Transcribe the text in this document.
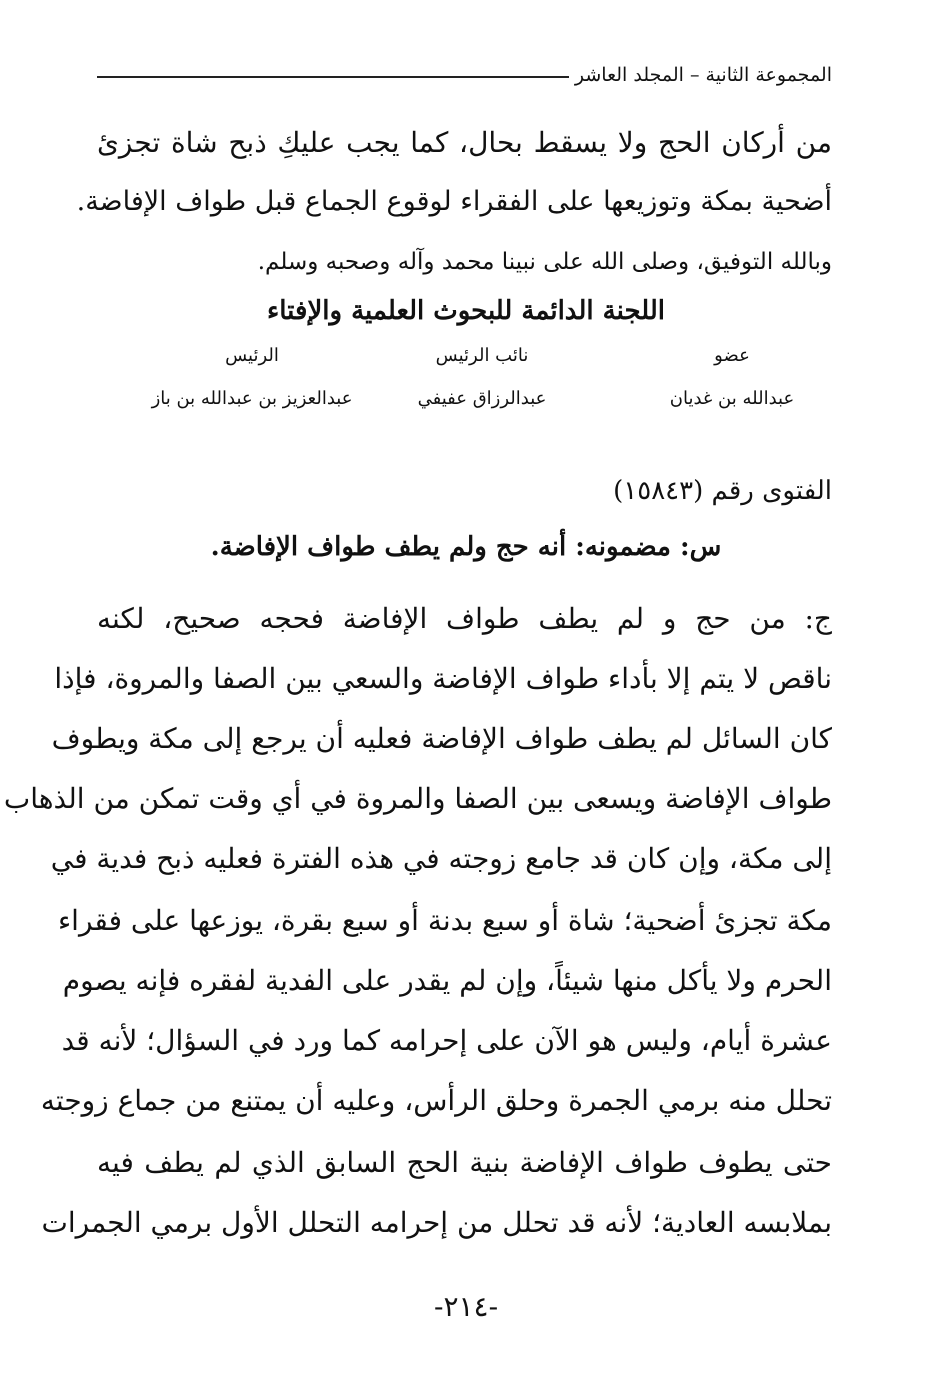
المجموعة الثانية – المجلد العاشر
من أركان الحج ولا يسقط بحال، كما يجب عليكِ ذبح شاة تجزئ
أضحية بمكة وتوزيعها على الفقراء لوقوع الجماع قبل طواف الإفاضة.
وبالله التوفيق، وصلى الله على نبينا محمد وآله وصحبه وسلم.
اللجنة الدائمة للبحوث العلمية والإفتاء
عضو
عبدالله بن غديان
نائب الرئيس
عبدالرزاق عفيفي
الرئيس
عبدالعزيز بن عبدالله بن باز
الفتوى رقم (١٥٨٤٣)
س: مضمونه: أنه حج ولم يطف طواف الإفاضة.
ج: من حج و لم يطف طواف الإفاضة فحجه صحيح، لكنه
ناقص لا يتم إلا بأداء طواف الإفاضة والسعي بين الصفا والمروة، فإذا
كان السائل لم يطف طواف الإفاضة فعليه أن يرجع إلى مكة ويطوف
طواف الإفاضة ويسعى بين الصفا والمروة في أي وقت تمكن من الذهاب
إلى مكة، وإن كان قد جامع زوجته في هذه الفترة فعليه ذبح فدية في
مكة تجزئ أضحية؛ شاة أو سبع بدنة أو سبع بقرة، يوزعها على فقراء
الحرم ولا يأكل منها شيئاً، وإن لم يقدر على الفدية لفقره فإنه يصوم
عشرة أيام، وليس هو الآن على إحرامه كما ورد في السؤال؛ لأنه قد
تحلل منه برمي الجمرة وحلق الرأس، وعليه أن يمتنع من جماع زوجته
حتى يطوف طواف الإفاضة بنية الحج السابق الذي لم يطف فيه
بملابسه العادية؛ لأنه قد تحلل من إحرامه التحلل الأول برمي الجمرات
-٢١٤-
